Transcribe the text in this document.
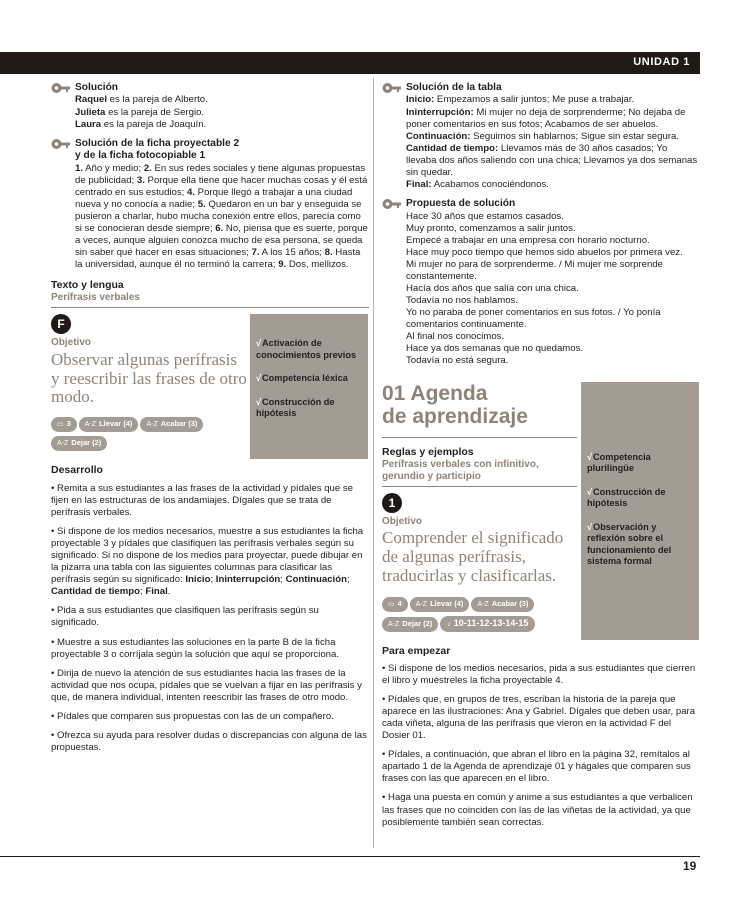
UNIDAD 1
Solución

Raquel es la pareja de Alberto.

Julieta es la pareja de Sergio.

Laura es la pareja de Joaquín.

Solución de la ficha proyectable 2
y de la ficha fotocopiable 1

1. Año y medio; 2. En sus redes sociales y tiene algunas propuestas de publicidad; 3. Porque ella tiene que hacer muchas cosas y él está centrado en sus estudios; 4. Porque llegó a trabajar a una ciudad nueva y no conocía a nadie; 5. Quedaron en un bar y enseguida se pusieron a charlar, hubo mucha conexión entre ellos, parecía como si se conocieran desde siempre; 6. No, piensa que es suerte, porque a veces, aunque alguien conozca mucho de esa persona, se queda sin saber qué hacer en esas situaciones; 7. A los 15 años; 8. Hasta la universidad, aunque él no terminó la carrera; 9. Dos, mellizos.

Texto y lengua
Perífrasis verbales
F
Objetivo
Observar algunas perífrasis y reescribir las frases de otro modo.
▭ 3 A-Z Llevar (4) A-Z Acabar (3)A-Z Dejar (2)
√Activación de conocimientos previos
√Competencia léxica
√Construcción de hipótesis
Desarrollo

• Remita a sus estudiantes a las frases de la actividad y pídales que se fijen en las estructuras de los andamiajes. Dígales que se trata de perífrasis verbales.

• Si dispone de los medios necesarios, muestre a sus estudiantes la ficha proyectable 3 y pídales que clasifiquen las perífrasis verbales según su significado. Si no dispone de los medios para proyectar, puede dibujar en la pizarra una tabla con las siguientes columnas para clasificar las perífrasis según su significado: Inicio; Ininterrupción; Continuación; Cantidad de tiempo; Final.

• Pida a sus estudiantes que clasifiquen las perífrasis según su significado.

• Muestre a sus estudiantes las soluciones en la parte B de la ficha proyectable 3 o corríjala según la solución que aquí se proporciona.

• Dirija de nuevo la atención de sus estudiantes hacia las frases de la actividad que nos ocupa, pídales que se vuelvan a fijar en las perífrasis y que, de manera individual, intenten reescribir las frases de otro modo.

• Pídales que comparen sus propuestas con las de un compañero.

• Ofrezca su ayuda para resolver dudas o discrepancias con alguna de las propuestas.

Solución de la tabla

Inicio: Empezamos a salir juntos; Me puse a trabajar.

Ininterrupción: Mi mujer no deja de sorprenderme; No dejaba de poner comentarios en sus fotos; Acabamos de ser abuelos.

Continuación: Seguimos sin hablarnos; Sigue sin estar segura.

Cantidad de tiempo: Llevamos más de 30 años casados; Yo llevaba dos años saliendo con una chica; Llevamos ya dos semanas sin quedar.

Final: Acabamos conociéndonos.

Propuesta de solución

Hace 30 años que estamos casados.

Muy pronto, comenzamos a salir juntos.

Empecé a trabajar en una empresa con horario nocturno.

Hace muy poco tiempo que hemos sido abuelos por primera vez.

Mi mujer no para de sorprenderme. / Mi mujer me sorprende constantemente.

Hacía dos años que salía con una chica.

Todavía no nos hablamos.

Yo no paraba de poner comentarios en sus fotos. / Yo ponía comentarios continuamente.

Al final nos conocimos.

Hace ya dos semanas que no quedamos.

Todavía no está segura.

01 Agenda
de aprendizaje
Reglas y ejemplos
Perífrasis verbales con infinitivo, gerundio y participio
1
Objetivo
Comprender el significado de algunas perífrasis, traducirlas y clasificarlas.
▭ 4 A-Z Llevar (4) A-Z Acabar (3)A-Z Dejar (2) ♪ 10-11-12-13-14-15
√Competencia plurilingüe
√Construcción de hipótesis
√Observación y reflexión sobre el funcionamiento del sistema formal
Para empezar

• Si dispone de los medios necesarios, pida a sus estudiantes que cierren el libro y muéstreles la ficha proyectable 4.

• Pídales que, en grupos de tres, escriban la historia de la pareja que aparece en las ilustraciones: Ana y Gabriel. Dígales que deben usar, para cada viñeta, alguna de las perífrasis que vieron en la actividad F del Dosier 01.

• Pídales, a continuación, que abran el libro en la página 32, remítalos al apartado 1 de la Agenda de aprendizaje 01 y hágales que comparen sus frases con las que aparecen en el libro.

• Haga una puesta en común y anime a sus estudiantes a que verbalicen las frases que no coinciden con las de las viñetas de la actividad, ya que posiblemente también sean correctas.

19
